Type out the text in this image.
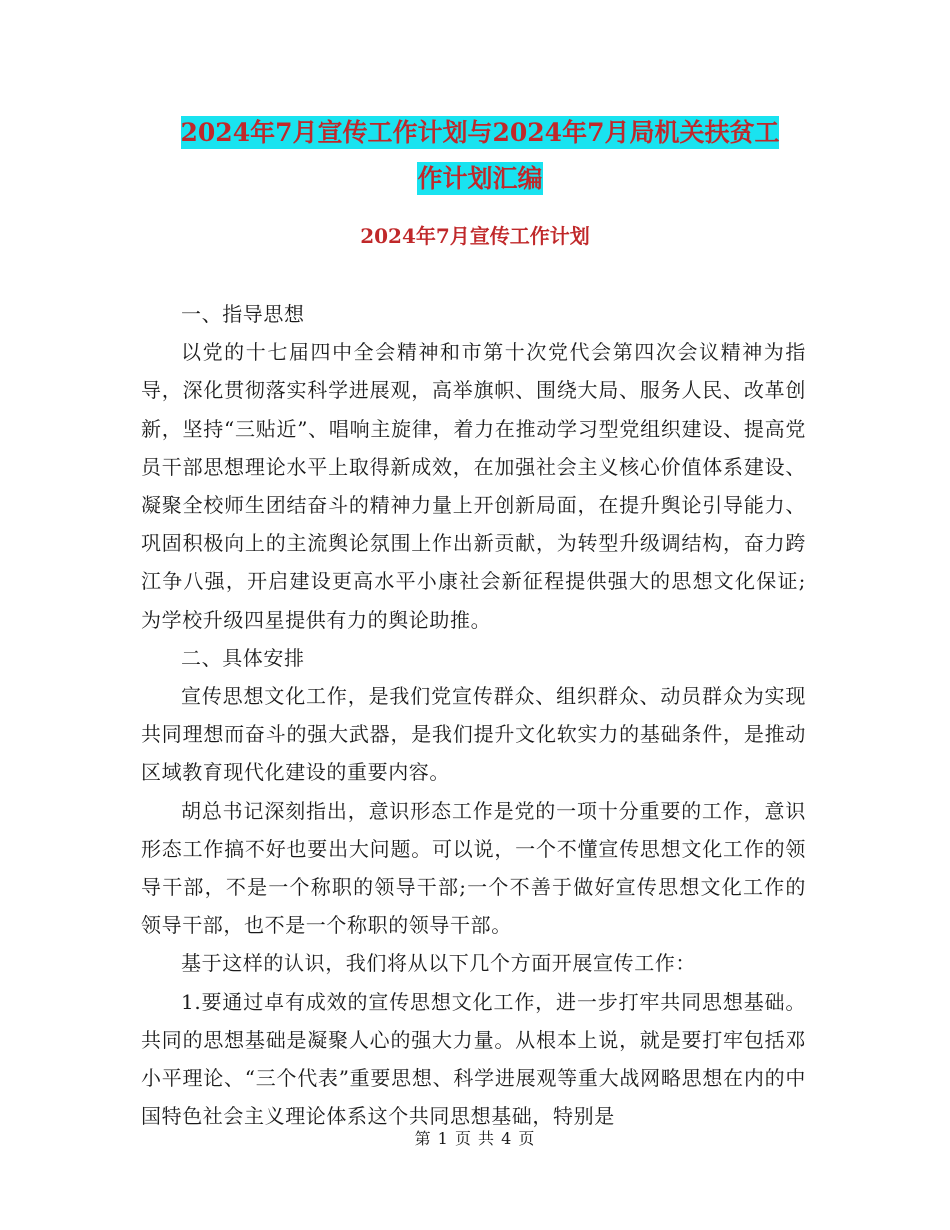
2024年7月宣传工作计划与2024年7月局机关扶贫工
作计划汇编
2024年7月宣传工作计划

一、指导思想

以党的十七届四中全会精神和市第十次党代会第四次会议精神为指导，深化贯彻落实科学进展观，高举旗帜、围绕大局、服务人民、改革创新，坚持“三贴近”、唱响主旋律，着力在推动学习型党组织建设、提高党员干部思想理论水平上取得新成效，在加强社会主义核心价值体系建设、凝聚全校师生团结奋斗的精神力量上开创新局面，在提升舆论引导能力、巩固积极向上的主流舆论氛围上作出新贡献，为转型升级调结构，奋力跨江争八强，开启建设更高水平小康社会新征程提供强大的思想文化保证;为学校升级四星提供有力的舆论助推。

二、具体安排

宣传思想文化工作，是我们党宣传群众、组织群众、动员群众为实现共同理想而奋斗的强大武器，是我们提升文化软实力的基础条件，是推动区域教育现代化建设的重要内容。

胡总书记深刻指出，意识形态工作是党的一项十分重要的工作，意识形态工作搞不好也要出大问题。可以说，一个不懂宣传思想文化工作的领导干部，不是一个称职的领导干部;一个不善于做好宣传思想文化工作的领导干部，也不是一个称职的领导干部。

基于这样的认识，我们将从以下几个方面开展宣传工作：

1.要通过卓有成效的宣传思想文化工作，进一步打牢共同思想基础。共同的思想基础是凝聚人心的强大力量。从根本上说，就是要打牢包括邓小平理论、“三个代表”重要思想、科学进展观等重大战网略思想在内的中国特色社会主义理论体系这个共同思想基础，特别是

第 1 页 共 4 页
